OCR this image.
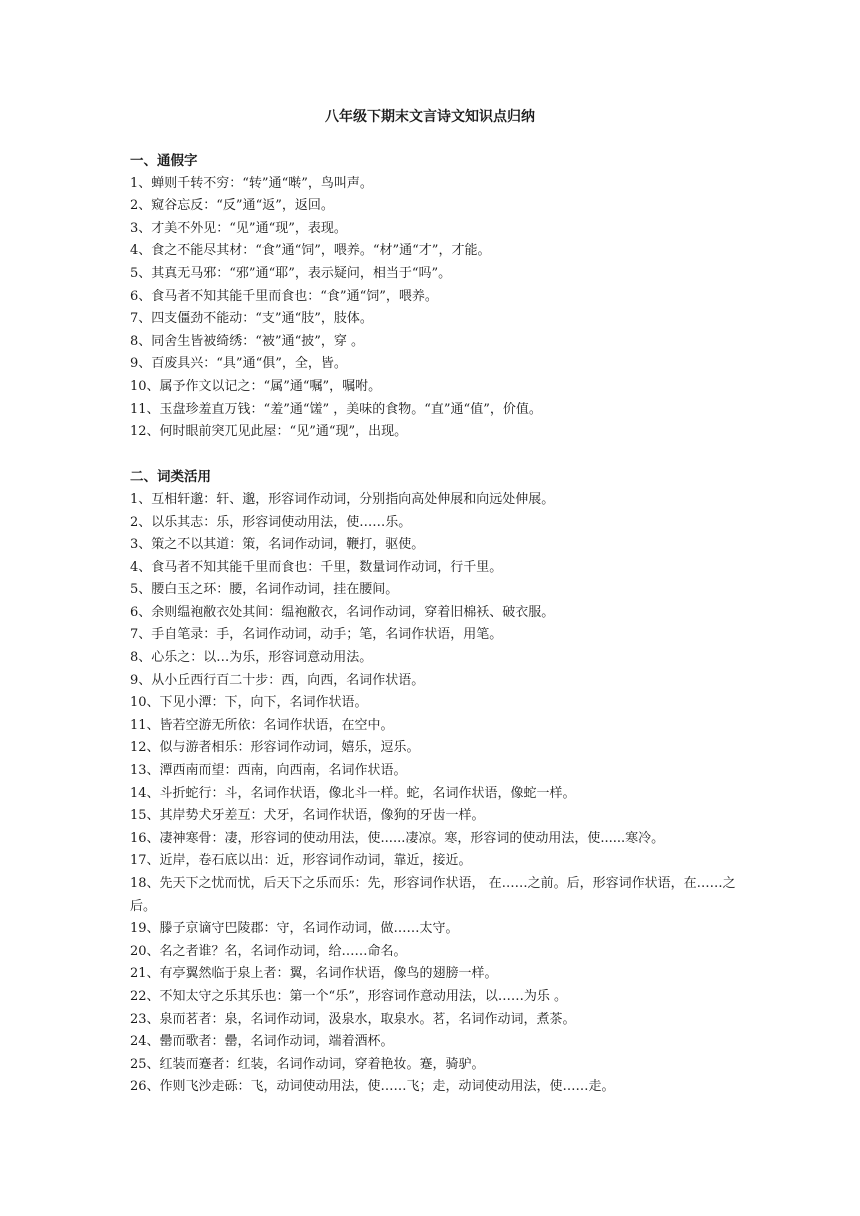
八年级下期末文言诗文知识点归纳
一、通假字
1、蝉则千转不穷：“转”通“啭”，鸟叫声。
2、窥谷忘反：“反”通“返”，返回。
3、才美不外见：“见”通“现”，表现。
4、食之不能尽其材：“食”通“饲”，喂养。“材”通“才”，才能。
5、其真无马邪：“邪”通“耶”，表示疑问，相当于“吗”。
6、食马者不知其能千里而食也：“食”通“饲”，喂养。
7、四支僵劲不能动：“支”通“肢”，肢体。
8、同舍生皆被绮绣：“被”通“披”，穿 。
9、百废具兴：“具”通“俱”，全，皆。
10、属予作文以记之：“属”通“嘱”，嘱咐。
11、玉盘珍羞直万钱：“羞”通“馐” ，美味的食物。“直”通“值”，价值。
12、何时眼前突兀见此屋：“见”通“现”，出现。
二、词类活用
1、互相轩邈：轩、邈，形容词作动词，分别指向高处伸展和向远处伸展。
2、以乐其志：乐，形容词使动用法，使……乐。
3、策之不以其道：策，名词作动词，鞭打，驱使。
4、食马者不知其能千里而食也：千里，数量词作动词，行千里。
5、腰白玉之环：腰，名词作动词，挂在腰间。
6、余则缊袍敝衣处其间：缊袍敝衣，名词作动词，穿着旧棉袄、破衣服。
7、手自笔录：手，名词作动词，动手；笔，名词作状语，用笔。
8、心乐之：以…为乐，形容词意动用法。
9、从小丘西行百二十步：西，向西，名词作状语。
10、下见小潭：下，向下，名词作状语。
11、皆若空游无所依：名词作状语，在空中。
12、似与游者相乐：形容词作动词，嬉乐，逗乐。
13、潭西南而望：西南，向西南，名词作状语。
14、斗折蛇行：斗，名词作状语，像北斗一样。蛇，名词作状语，像蛇一样。
15、其岸势犬牙差互：犬牙，名词作状语，像狗的牙齿一样。
16、凄神寒骨：凄，形容词的使动用法，使......凄凉。寒，形容词的使动用法，使......寒冷。
17、近岸，卷石底以出：近，形容词作动词，靠近，接近。
18、先天下之忧而忧，后天下之乐而乐：先，形容词作状语， 在……之前。后，形容词作状语，在……之后。
19、滕子京谪守巴陵郡：守，名词作动词，做……太守。
20、名之者谁？名，名词作动词，给……命名。
21、有亭翼然临于泉上者：翼，名词作状语，像鸟的翅膀一样。
22、不知太守之乐其乐也：第一个“乐”，形容词作意动用法，以……为乐 。
23、泉而茗者：泉，名词作动词，汲泉水，取泉水。茗，名词作动词，煮茶。
24、罍而歌者：罍，名词作动词，端着酒杯。
25、红装而蹇者：红装，名词作动词，穿着艳妆。蹇，骑驴。
26、作则飞沙走砾：飞，动词使动用法，使……飞；走，动词使动用法，使……走。
